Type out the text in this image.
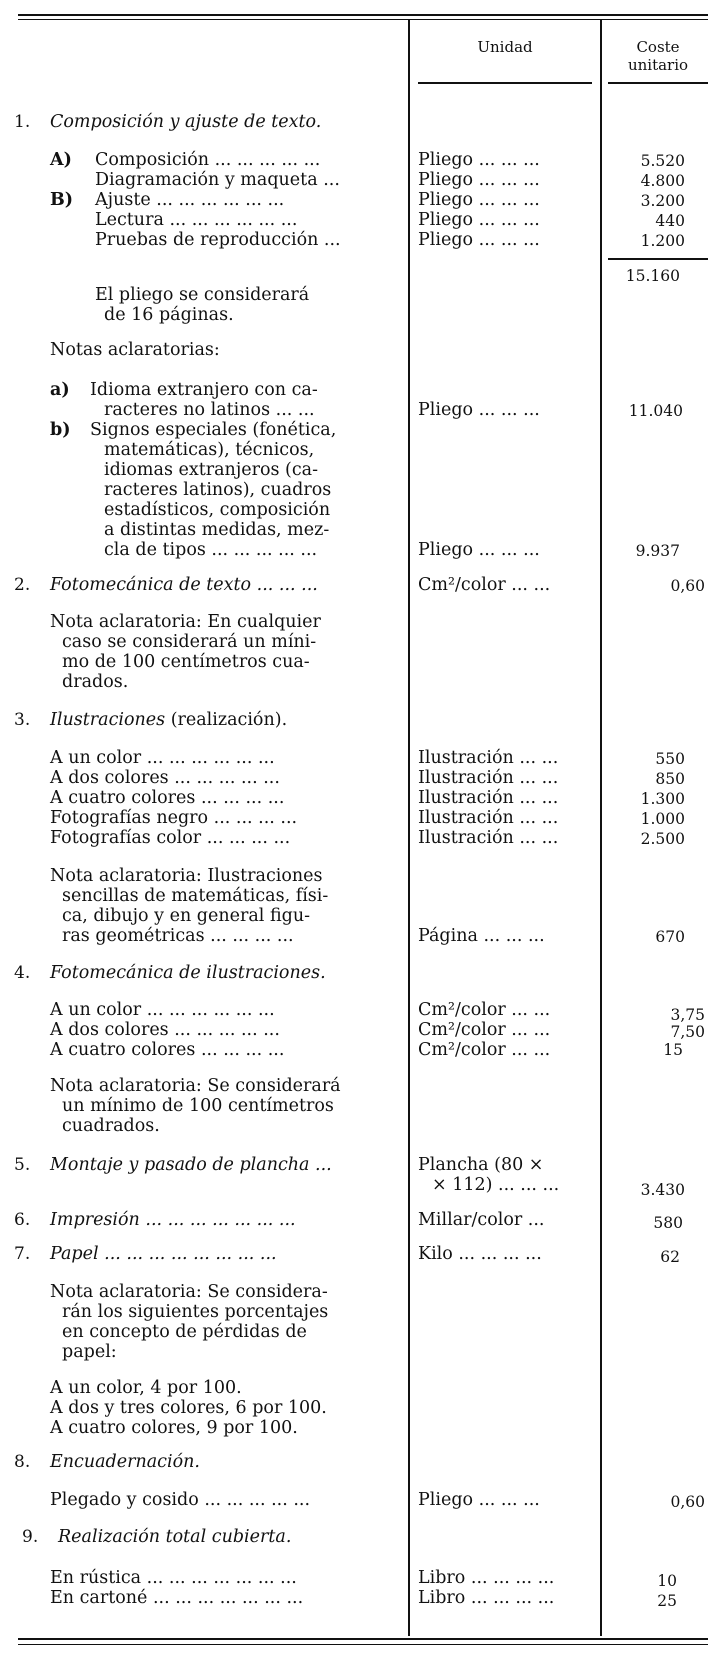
Unidad	Coste
unitario
1. Composición y ajuste de texto.
A)
B)
Composición ... ... ... ... ...	Pliego ... ... ...	5.520
Diagramación y maqueta ...	Pliego ... ... ...	4.800
Ajuste ... ... ... ... ... ...	Pliego ... ... ...	3.200
Lectura ... ... ... ... ... ...	Pliego ... ... ...	440
Pruebas de reproducción ...	Pliego ... ... ...	1.200
15.160
El pliego se considerará
de 16 páginas.
Notas aclaratorias:
a) Idioma extranjero con ca-
racteres no latinos ... ...	Pliego ... ... ...	11.040
b) Signos especiales (fonética,
matemáticas), técnicos,
idiomas extranjeros (ca-
racteres latinos), cuadros
estadísticos, composición
a distintas medidas, mez-
cla de tipos ... ... ... ... ...	Pliego ... ... ...	9.937
2. Fotomecánica de texto ... ... ...	Cm²/color ... ...	0,60
Nota aclaratoria: En cualquier
caso se considerará un míni-
mo de 100 centímetros cua-
drados.
3. Ilustraciones (realización).
A un color ... ... ... ... ... ...	Ilustración ... ...	550
A dos colores ... ... ... ... ...	Ilustración ... ...	850
A cuatro colores ... ... ... ...	Ilustración ... ...	1.300
Fotografías negro ... ... ... ...	Ilustración ... ...	1.000
Fotografías color ... ... ... ...	Ilustración ... ...	2.500
Nota aclaratoria: Ilustraciones
sencillas de matemáticas, físi-
ca, dibujo y en general figu-
ras geométricas ... ... ... ...	Página ... ... ...	670
4. Fotomecánica de ilustraciones.
A un color ... ... ... ... ... ...	Cm²/color ... ...	3,75
A dos colores ... ... ... ... ...	Cm²/color ... ...	7,50
A cuatro colores ... ... ... ...	Cm²/color ... ...	15
Nota aclaratoria: Se considerará
un mínimo de 100 centímetros
cuadrados.
5. Montaje y pasado de plancha ...	Plancha (80 ×
× 112) ... ... ...	3.430
6. Impresión ... ... ... ... ... ... ...	Millar/color ...	580
7. Papel ... ... ... ... ... ... ... ...	Kilo ... ... ... ...	62
Nota aclaratoria: Se considera-
rán los siguientes porcentajes
en concepto de pérdidas de
papel:
A un color, 4 por 100.
A dos y tres colores, 6 por 100.
A cuatro colores, 9 por 100.
8. Encuadernación.
Plegado y cosido ... ... ... ... ...	Pliego ... ... ...	0,60
9. Realización total cubierta.
En rústica ... ... ... ... ... ... ...	Libro ... ... ... ...	10
En cartoné ... ... ... ... ... ... ...	Libro ... ... ... ...	25
